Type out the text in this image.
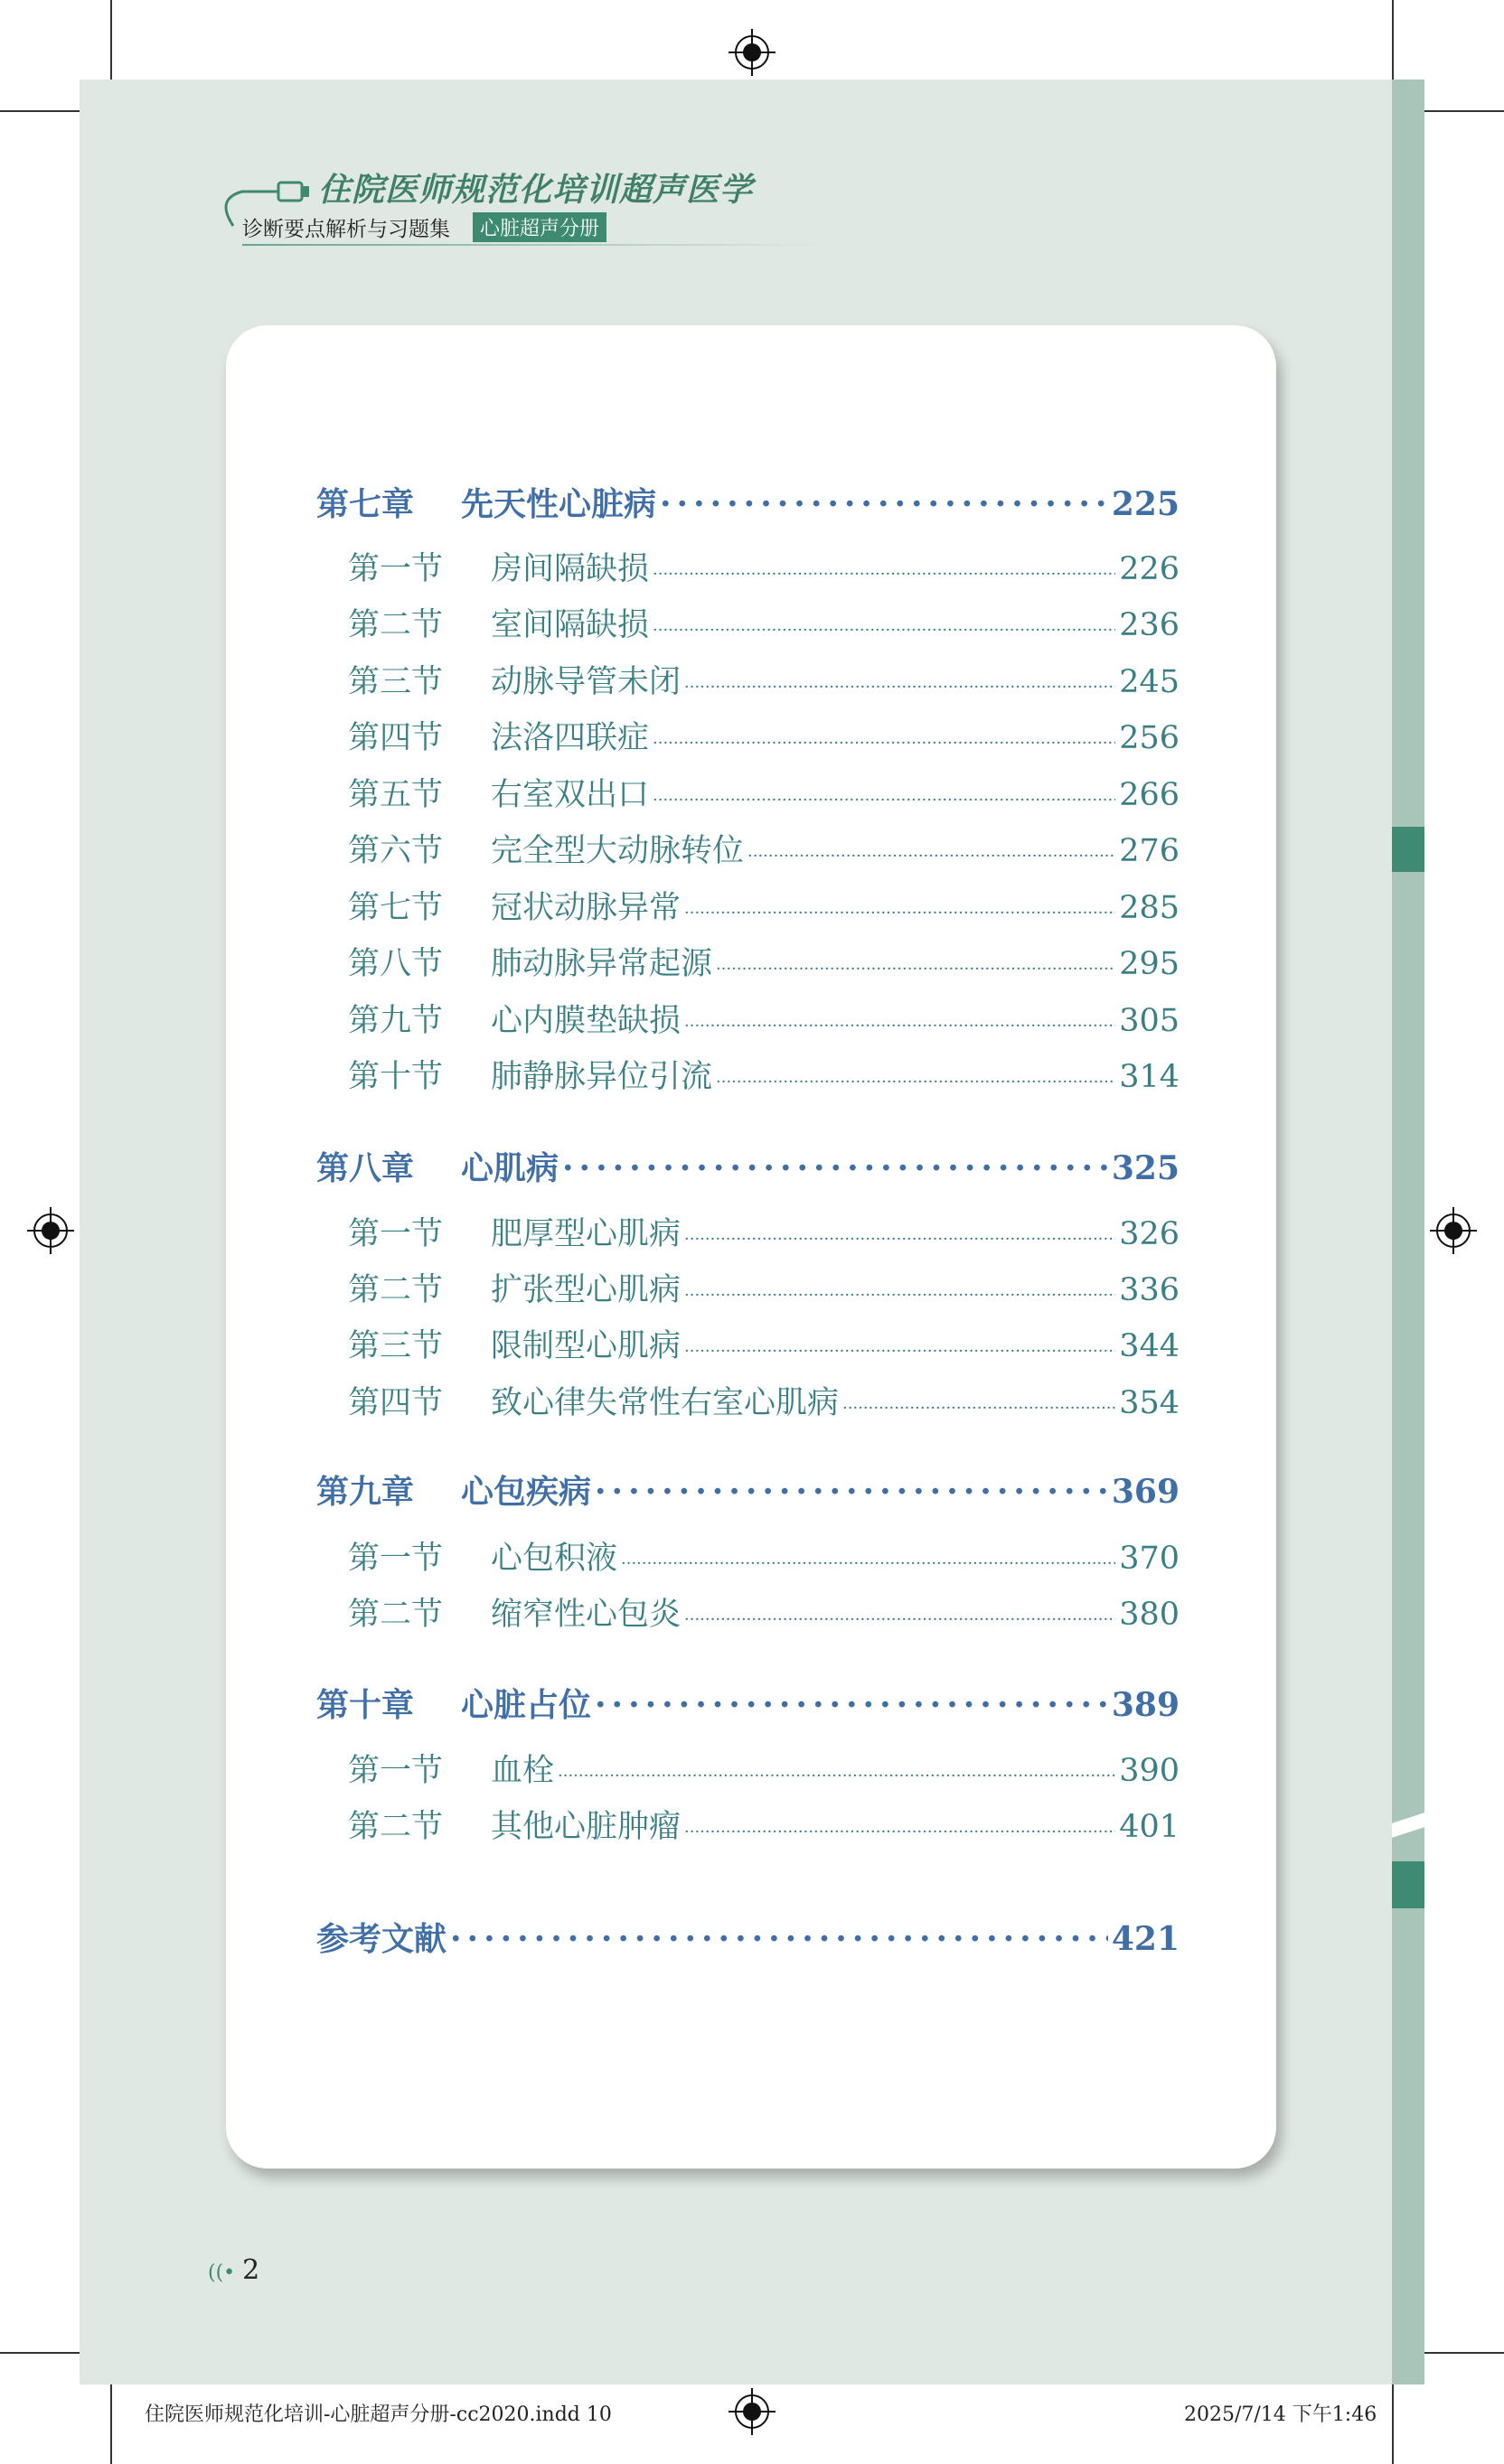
住院医师规范化培训超声医学
诊断要点解析与习题集	心脏超声分册
第七章	先天性心脏病 ·····	225
第一节	房间隔缺损 ·····	226
第二节	室间隔缺损 ·····	236
第三节	动脉导管未闭 ·····	245
第四节	法洛四联症 ·····	256
第五节	右室双出口 ·····	266
第六节	完全型大动脉转位 ·····	276
第七节	冠状动脉异常 ·····	285
第八节	肺动脉异常起源 ·····	295
第九节	心内膜垫缺损 ·····	305
第十节	肺静脉异位引流 ·····	314
第八章	心肌病 ·····	325
第一节	肥厚型心肌病 ·····	326
第二节	扩张型心肌病 ·····	336
第三节	限制型心肌病 ·····	344
第四节	致心律失常性右室心肌病 ·····	354
第九章	心包疾病 ·····	369
第一节	心包积液 ·····	370
第二节	缩窄性心包炎 ·····	380
第十章	心脏占位 ·····	389
第一节	血栓 ·····	390
第二节	其他心脏肿瘤 ·····	401
参考文献 ·····	421
((• 2
住院医师规范化培训-心脏超声分册-cc2020.indd 10	2025/7/14 下午1:46
